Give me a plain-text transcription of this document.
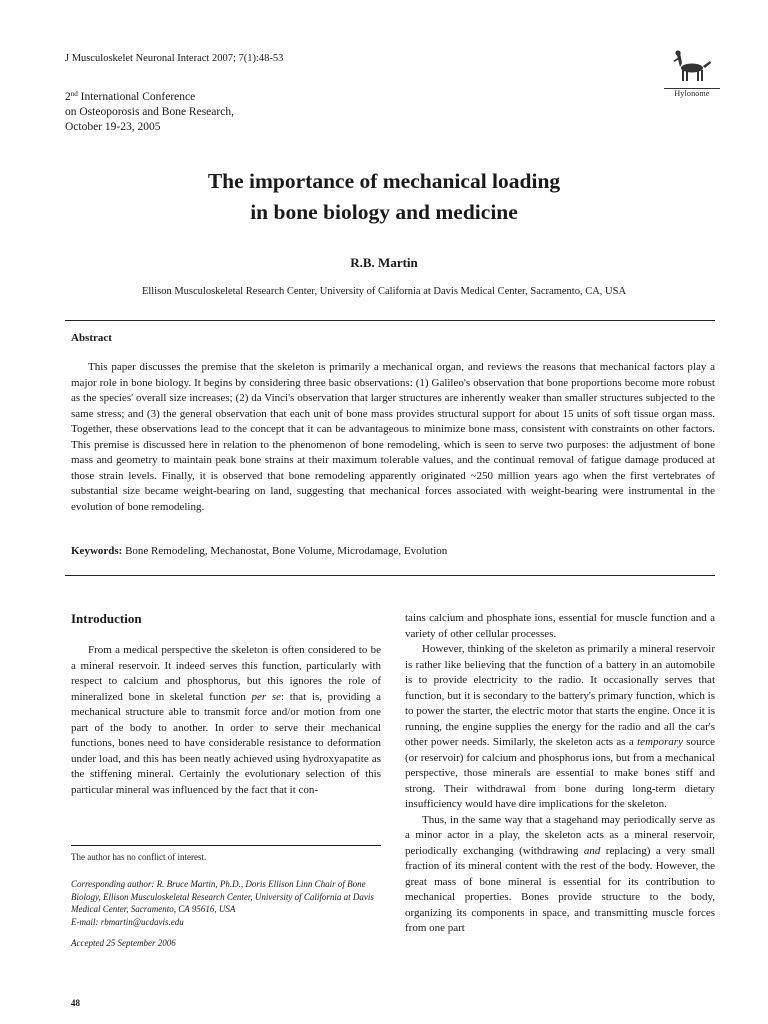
J Musculoskelet Neuronal Interact 2007; 7(1):48-53
2nd International Conference
on Osteoporosis and Bone Research,
October 19-23, 2005
Hylonome
The importance of mechanical loading
in bone biology and medicine
R.B. Martin
Ellison Musculoskeletal Research Center, University of California at Davis Medical Center, Sacramento, CA, USA
Abstract

This paper discusses the premise that the skeleton is primarily a mechanical organ, and reviews the reasons that mechanical factors play a major role in bone biology. It begins by considering three basic observations: (1) Galileo's observation that bone proportions become more robust as the species' overall size increases; (2) da Vinci's observation that larger structures are inherently weaker than smaller structures subjected to the same stress; and (3) the general observation that each unit of bone mass provides structural support for about 15 units of soft tissue organ mass. Together, these observations lead to the concept that it can be advantageous to minimize bone mass, consistent with constraints on other factors. This premise is discussed here in relation to the phenomenon of bone remodeling, which is seen to serve two purposes: the adjustment of bone mass and geometry to maintain peak bone strains at their maximum tolerable values, and the continual removal of fatigue damage produced at those strain levels. Finally, it is observed that bone remodeling apparently originated ~250 million years ago when the first vertebrates of substantial size became weight-bearing on land, suggesting that mechanical forces associated with weight-bearing were instrumental in the evolution of bone remodeling.

Keywords: Bone Remodeling, Mechanostat, Bone Volume, Microdamage, Evolution
Introduction

From a medical perspective the skeleton is often considered to be a mineral reservoir. It indeed serves this function, particularly with respect to calcium and phosphorus, but this ignores the role of mineralized bone in skeletal function per se: that is, providing a mechanical structure able to transmit force and/or motion from one part of the body to another. In order to serve their mechanical functions, bones need to have considerable resistance to deformation under load, and this has been neatly achieved using hydroxyapatite as the stiffening mineral. Certainly the evolutionary selection of this particular mineral was influenced by the fact that it con-

tains calcium and phosphate ions, essential for muscle function and a variety of other cellular processes.

However, thinking of the skeleton as primarily a mineral reservoir is rather like believing that the function of a battery in an automobile is to provide electricity to the radio. It occasionally serves that function, but it is secondary to the battery's primary function, which is to power the starter, the electric motor that starts the engine. Once it is running, the engine supplies the energy for the radio and all the car's other power needs. Similarly, the skeleton acts as a temporary source (or reservoir) for calcium and phosphorus ions, but from a mechanical perspective, those minerals are essential to make bones stiff and strong. Their withdrawal from bone during long-term dietary insufficiency would have dire implications for the skeleton.

Thus, in the same way that a stagehand may periodically serve as a minor actor in a play, the skeleton acts as a mineral reservoir, periodically exchanging (withdrawing and replacing) a very small fraction of its mineral content with the rest of the body. However, the great mass of bone mineral is essential for its contribution to mechanical properties. Bones provide structure to the body, organizing its components in space, and transmitting muscle forces from one part

The author has no conflict of interest.
Corresponding author: R. Bruce Martin, Ph.D., Doris Ellison Linn Chair of Bone Biology, Ellison Musculoskeletal Research Center, University of California at Davis Medical Center, Sacramento, CA 95616, USA
E-mail: rbmartin@ucdavis.edu
Accepted 25 September 2006
48
